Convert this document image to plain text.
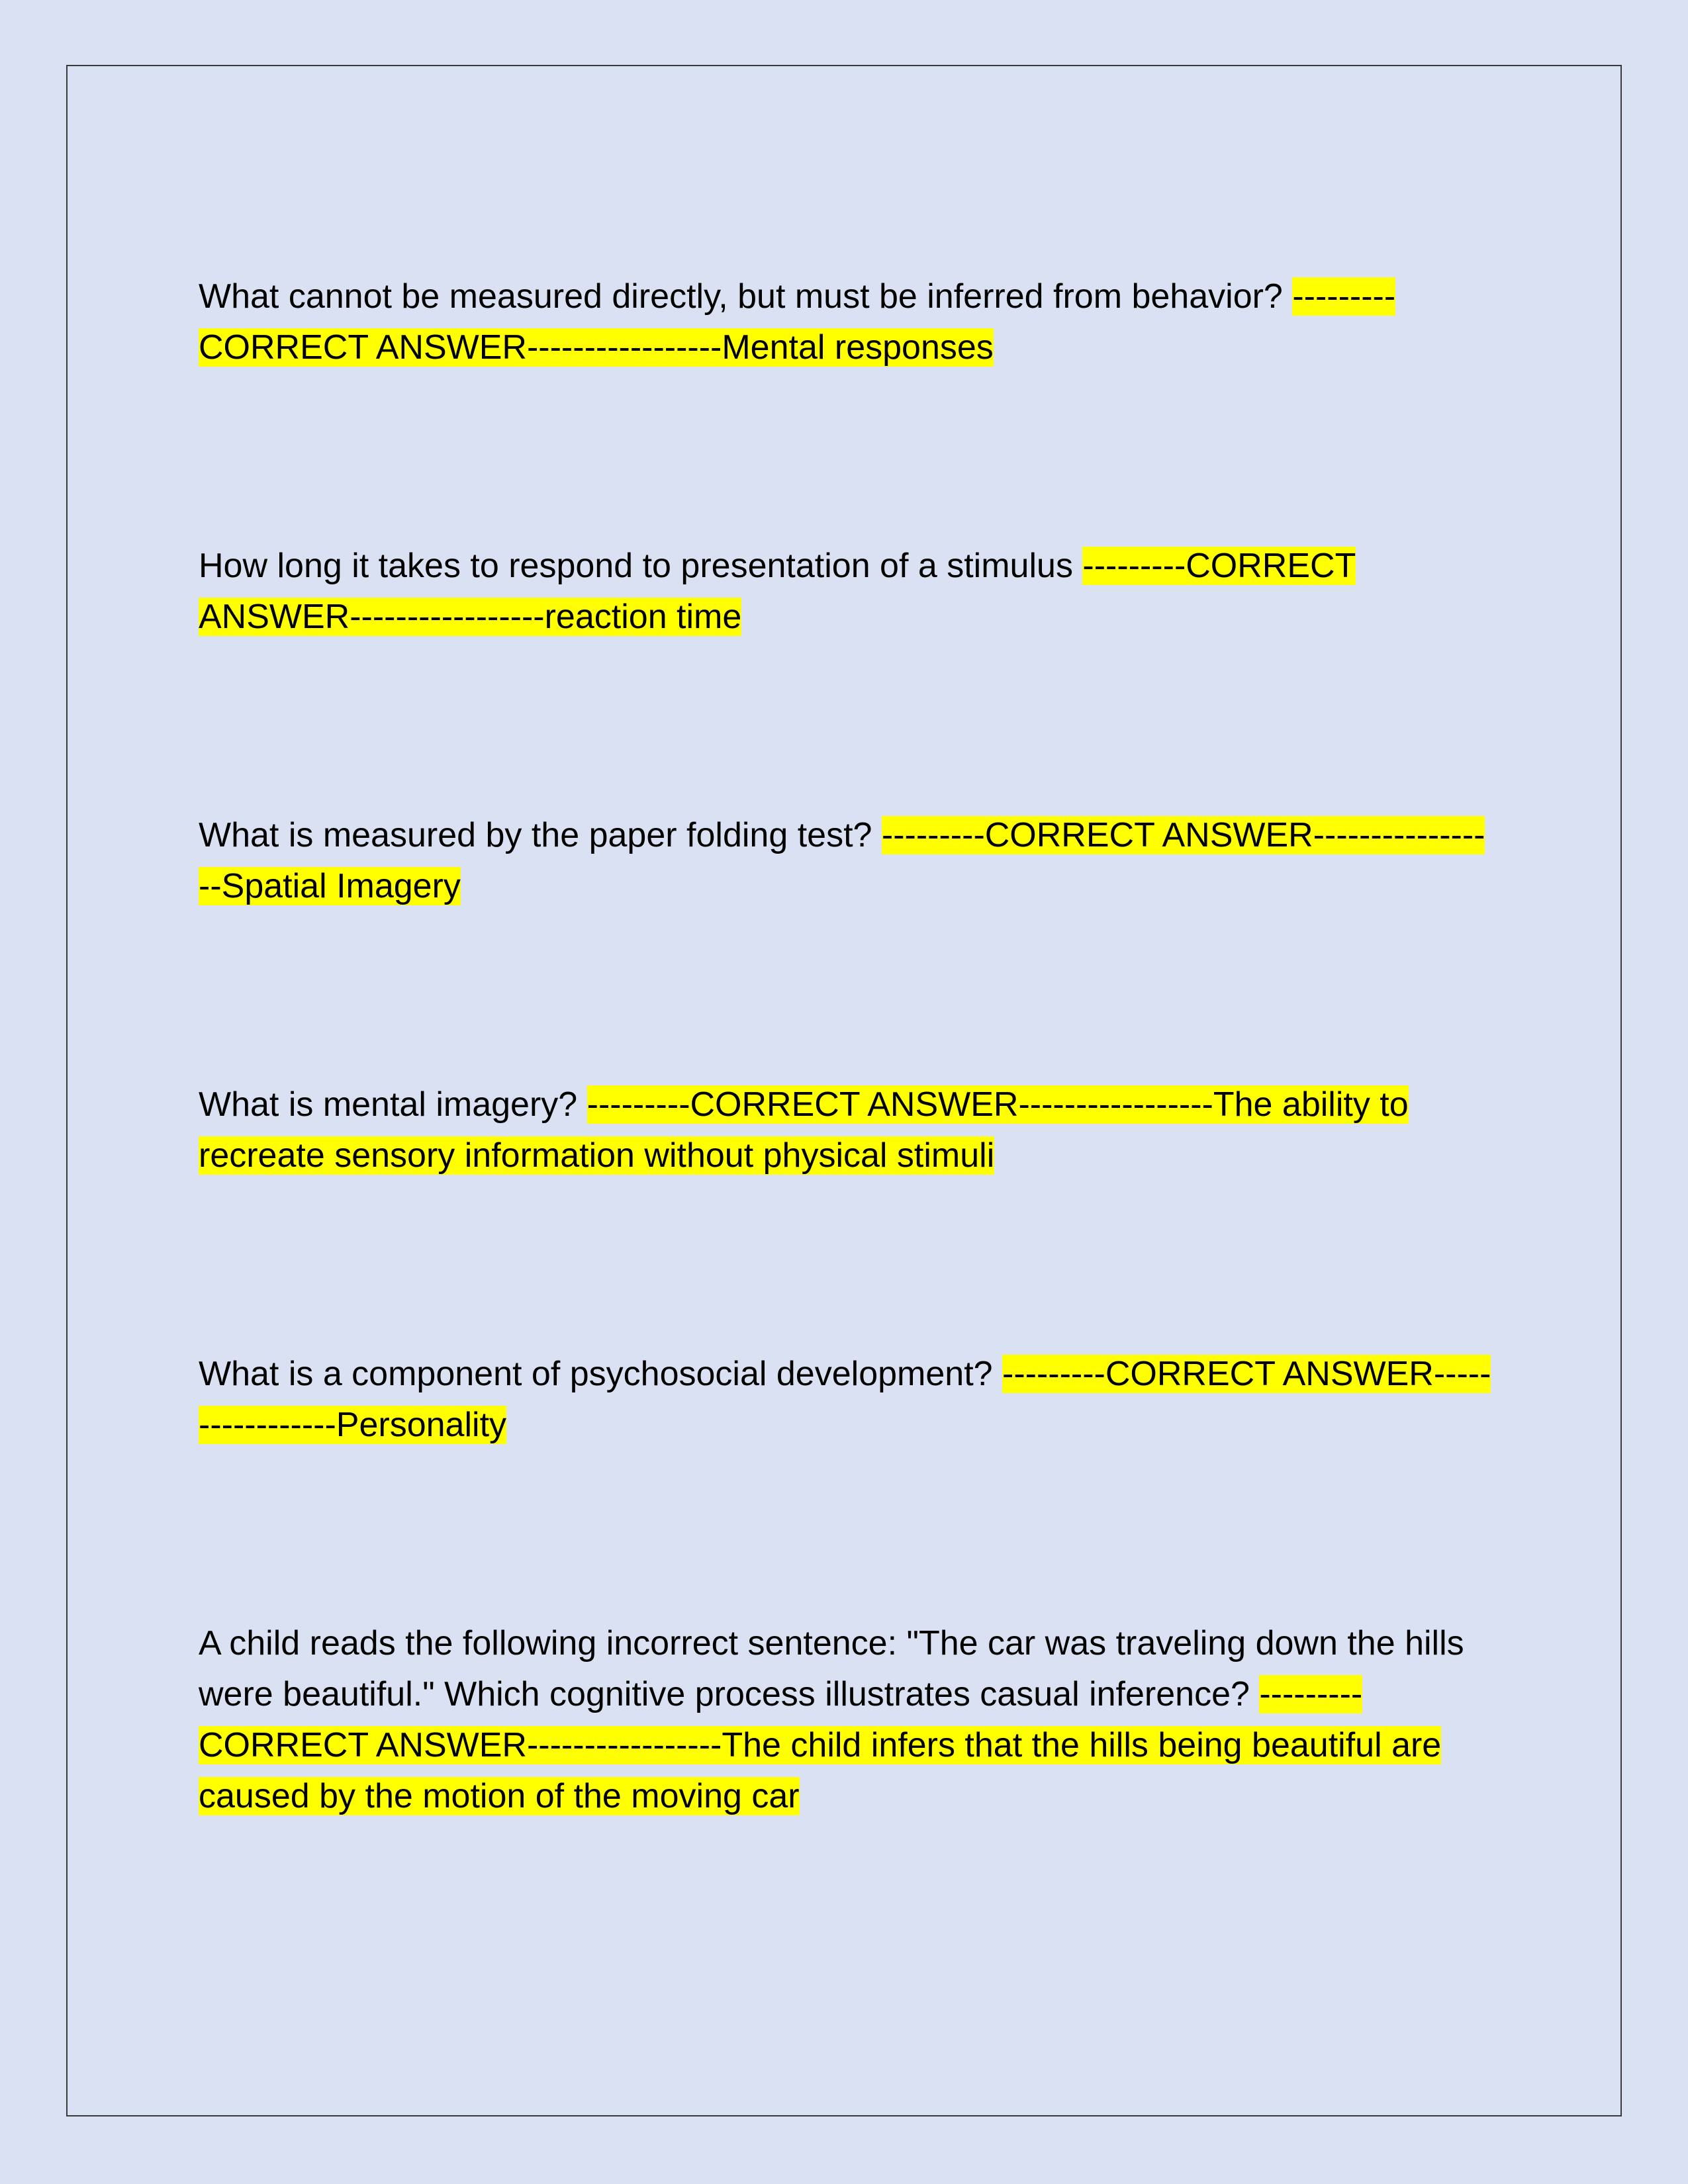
What cannot be measured directly, but must be inferred from behavior? ---------CORRECT ANSWER-----------------Mental responses

How long it takes to respond to presentation of a stimulus ---------CORRECT ANSWER-----------------reaction time

What is measured by the paper folding test? ---------CORRECT ANSWER-----------------Spatial Imagery

What is mental imagery? ---------CORRECT ANSWER-----------------The ability to recreate sensory information without physical stimuli

What is a component of psychosocial development? ---------CORRECT ANSWER-----------------Personality

A child reads the following incorrect sentence: "The car was traveling down the hills were beautiful." Which cognitive process illustrates casual inference? ---------CORRECT ANSWER-----------------The child infers that the hills being beautiful are caused by the motion of the moving car
